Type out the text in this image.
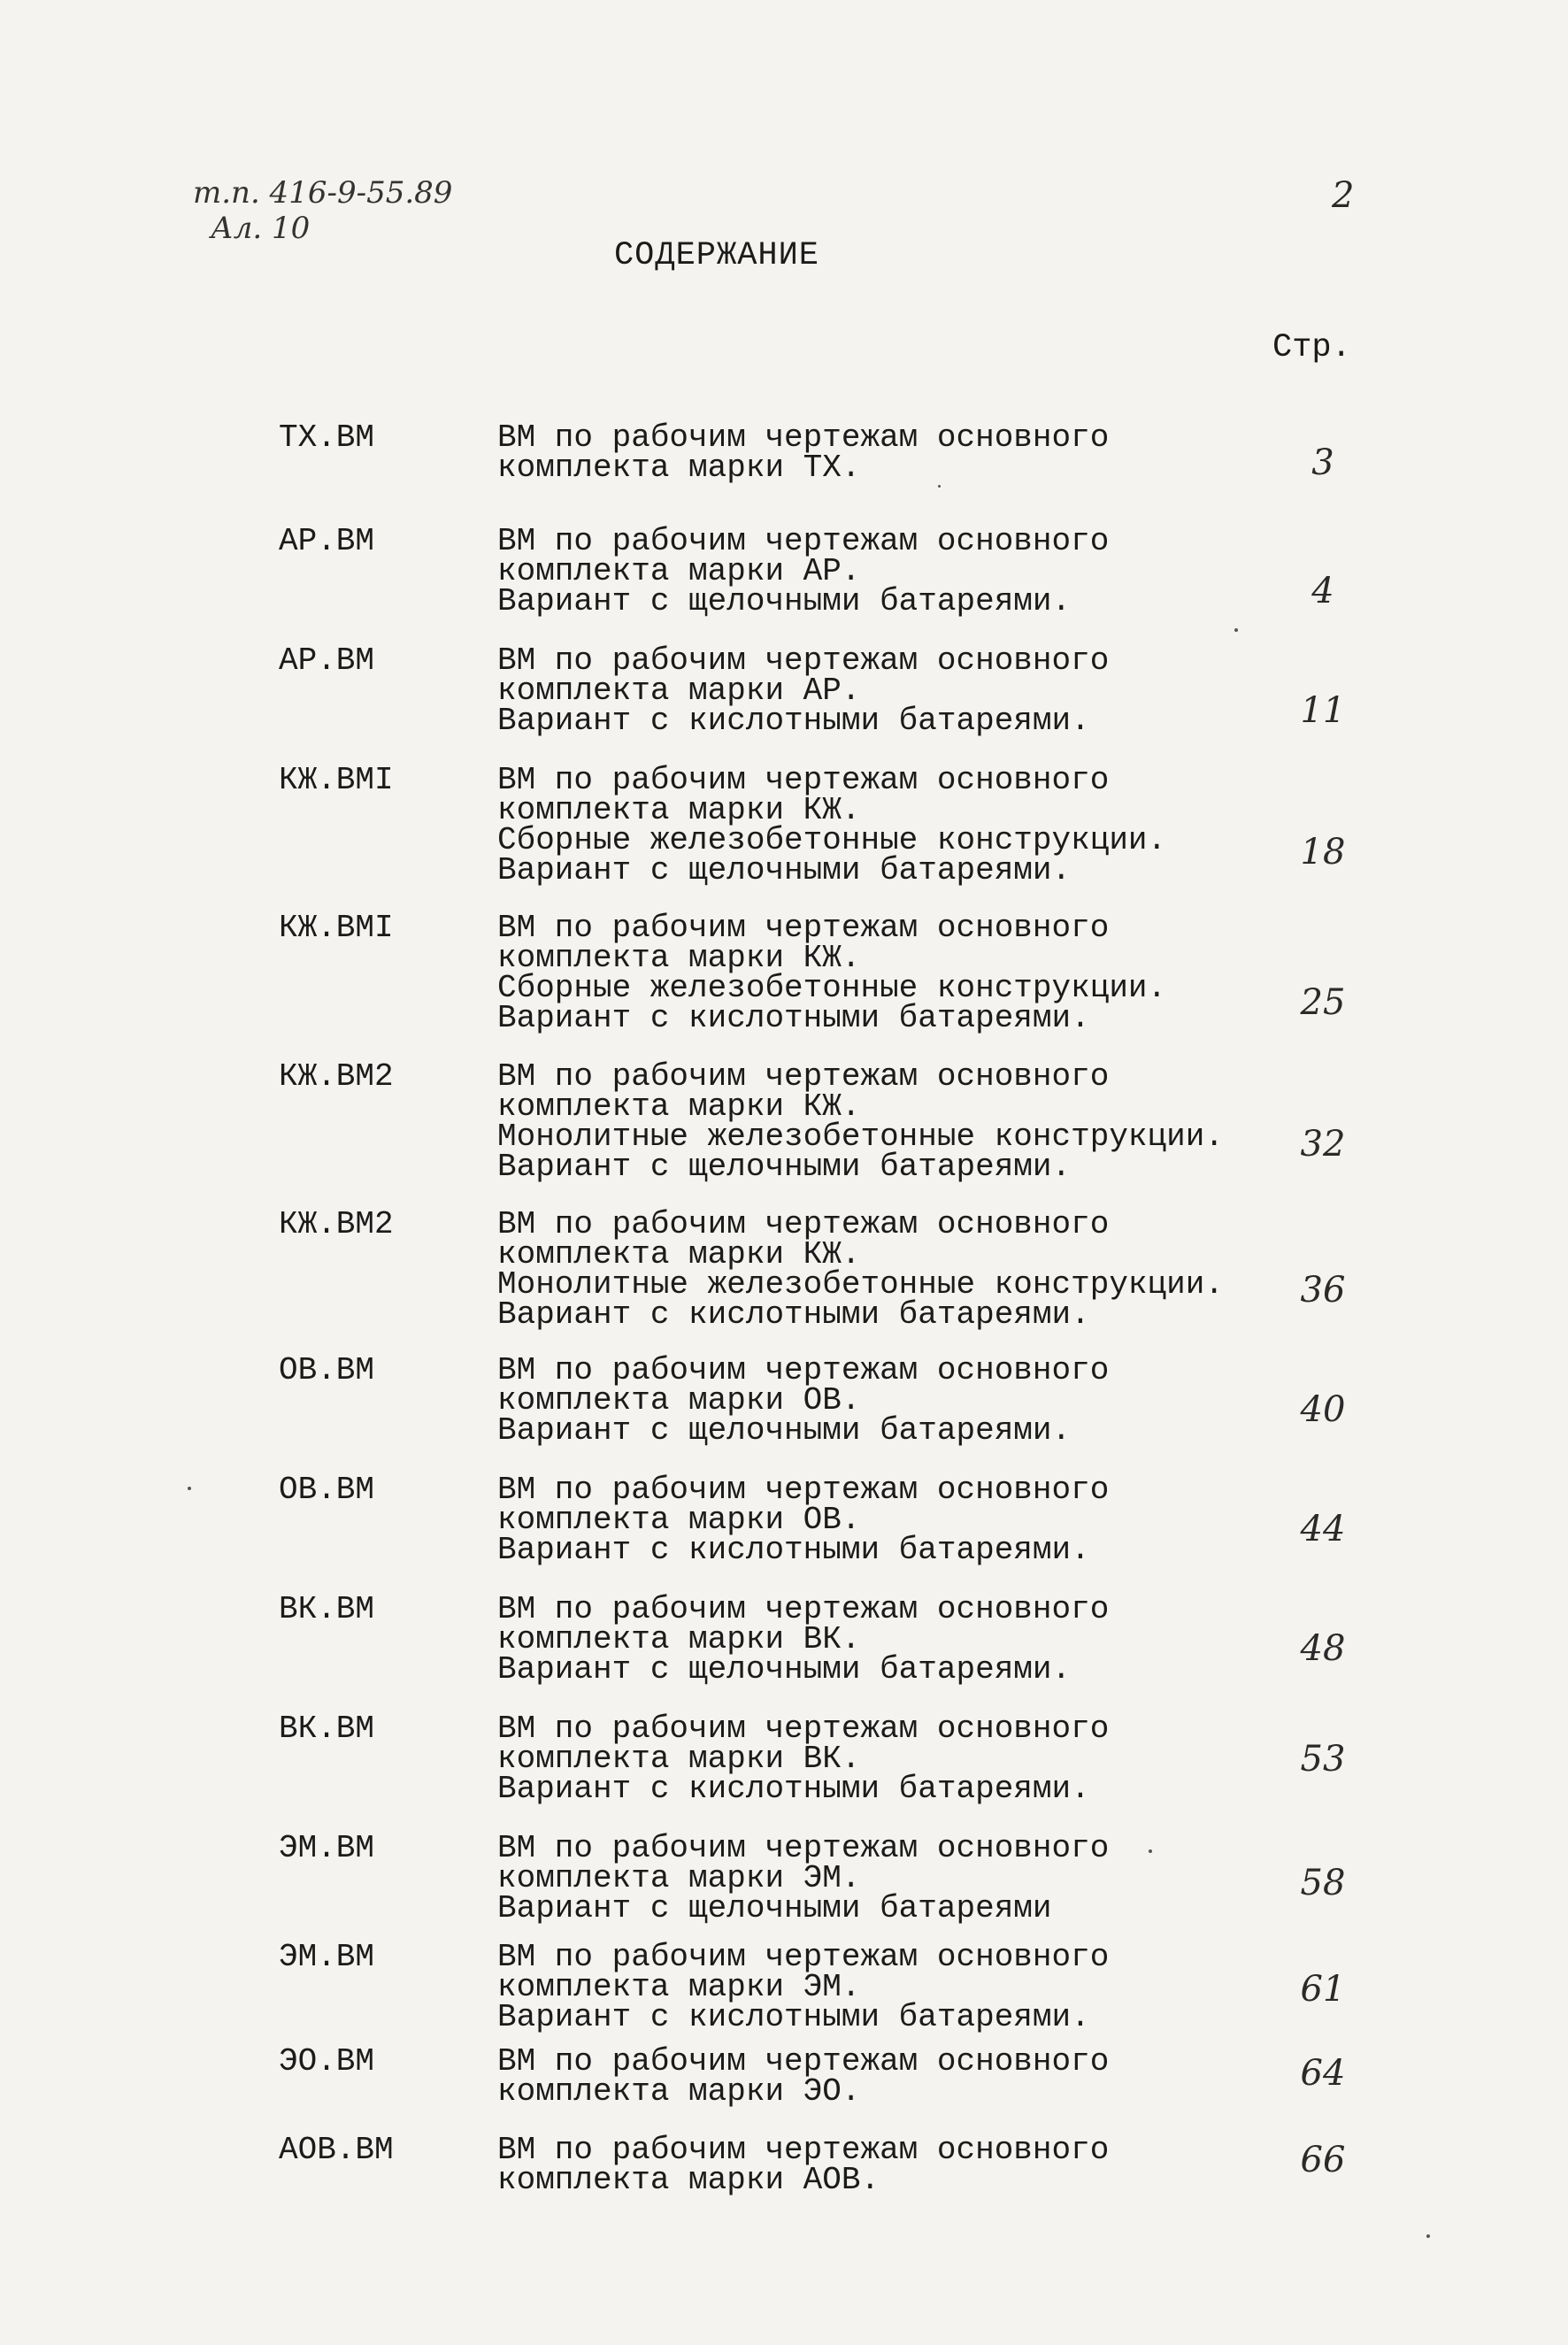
т.п. 416-9-55.89
Ал. 10
2
СОДЕРЖАНИЕ
Стр.
ТХ.ВМ	ВМ по рабочим чертежам основного
комплекта марки ТХ.	3
АР.ВМ	ВМ по рабочим чертежам основного
комплекта марки АР.
Вариант с щелочными батареями.	4
АР.ВМ	ВМ по рабочим чертежам основного
комплекта марки АР.
Вариант с кислотными батареями.	11
КЖ.ВМI	ВМ по рабочим чертежам основного
комплекта марки КЖ.
Сборные железобетонные конструкции.
Вариант с щелочными батареями.	18
КЖ.ВМI	ВМ по рабочим чертежам основного
комплекта марки КЖ.
Сборные железобетонные конструкции.
Вариант с кислотными батареями.	25
КЖ.ВМ2	ВМ по рабочим чертежам основного
комплекта марки КЖ.
Монолитные железобетонные конструкции.
Вариант с щелочными батареями.
32
КЖ.ВМ2	ВМ по рабочим чертежам основного
комплекта марки КЖ.
Монолитные железобетонные конструкции.
Вариант с кислотными батареями.
36
ОВ.ВМ	ВМ по рабочим чертежам основного
комплекта марки ОВ.
Вариант с щелочными батареями.
40
ОВ.ВМ	ВМ по рабочим чертежам основного
комплекта марки ОВ.
Вариант с кислотными батареями.
44
ВК.ВМ	ВМ по рабочим чертежам основного
комплекта марки ВК.
Вариант с щелочными батареями.
48
ВК.ВМ	ВМ по рабочим чертежам основного
комплекта марки ВК.
Вариант с кислотными батареями.
53
ЭМ.ВМ	ВМ по рабочим чертежам основного
комплекта марки ЭМ.
Вариант с щелочными батареями
58
ЭМ.ВМ	ВМ по рабочим чертежам основного
комплекта марки ЭМ.
Вариант с кислотными батареями.
61
ЭО.ВМ	ВМ по рабочим чертежам основного
комплекта марки ЭО.	64
АОВ.ВМ	ВМ по рабочим чертежам основного
комплекта марки АОВ.	66
